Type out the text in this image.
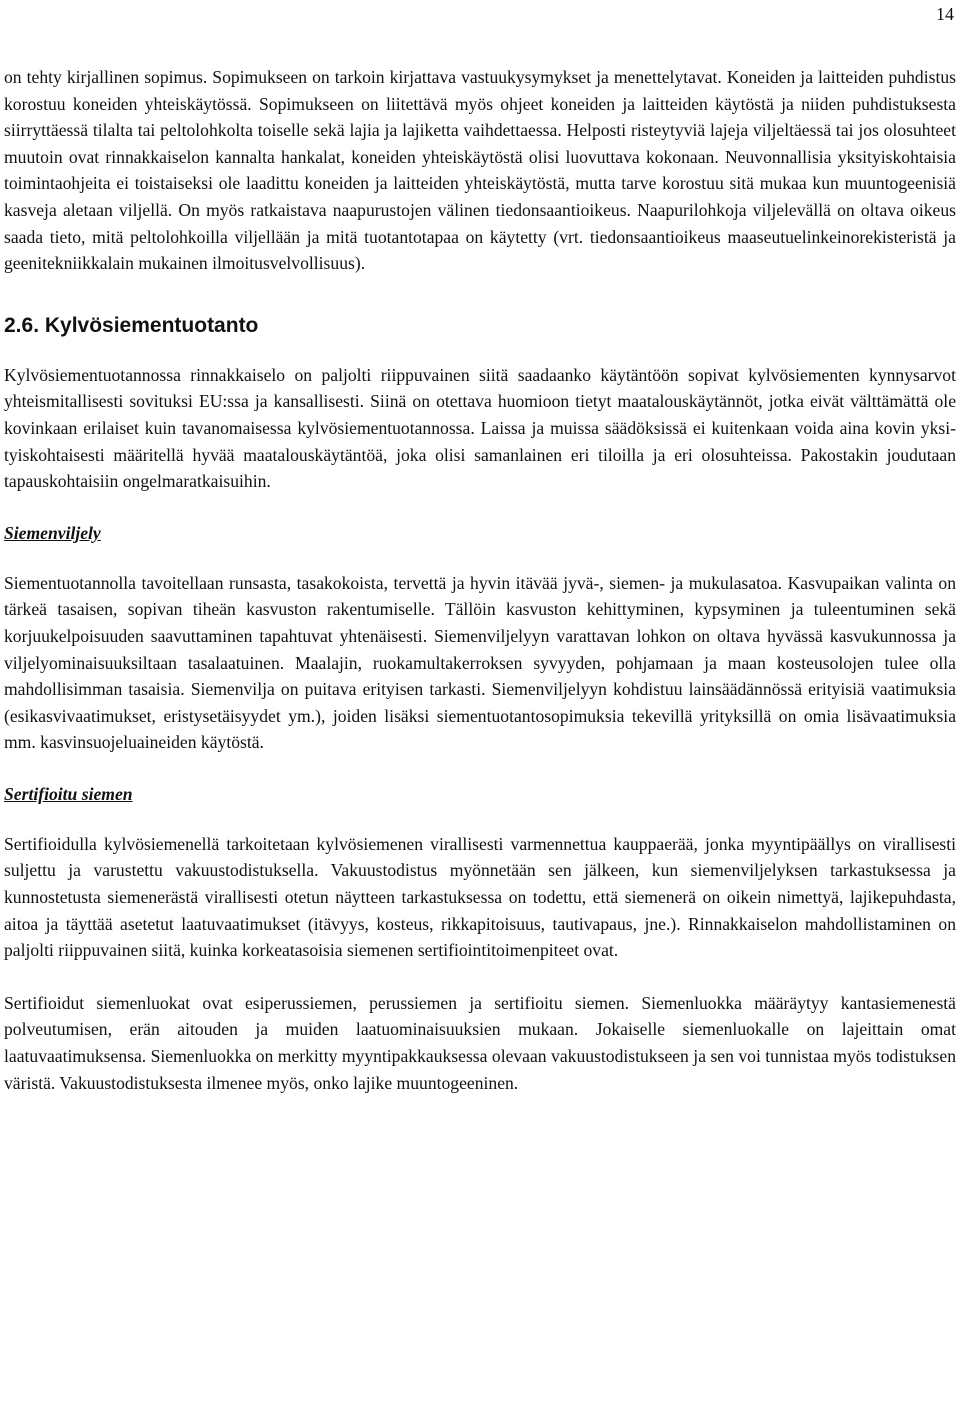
14

on tehty kirjallinen sopimus. Sopimukseen on tarkoin kirjattava vastuukysymykset ja menettelytavat. Koneiden ja laitteiden puhdistus korostuu koneiden yhteiskäytössä. Sopimukseen on liitettävä myös ohjeet koneiden ja laitteiden käytöstä ja niiden puhdistuksesta siirryttäessä tilalta tai peltolohkolta toiselle sekä lajia ja lajiketta vaihdettaessa. Helposti risteytyviä lajeja viljeltäessä tai jos olosuhteet muutoin ovat rinnakkaiselon kannalta hankalat, koneiden yhteiskäytöstä olisi luovuttava kokonaan. Neuvonnallisia yksityiskohtaisia toimintaohjeita ei toistaiseksi ole laadittu koneiden ja laitteiden yhteiskäytöstä, mutta tarve korostuu sitä mukaa kun muuntogeenisiä kasveja aletaan viljellä. On myös ratkaistava naapurustojen välinen tiedonsaantioikeus. Naapurilohkoja viljelevällä on oltava oikeus saada tieto, mitä peltolohkoilla viljellään ja mitä tuotantotapaa on käytetty (vrt. tiedonsaantioikeus maaseutuelinkeinorekisteristä ja geenitekniikkalain mukainen ilmoitusvelvollisuus).

2.6. Kylvösiementuotanto

Kylvösiementuotannossa rinnakkaiselo on paljolti riippuvainen siitä saadaanko käytäntöön sopivat kylvösiementen kynnysarvot yhteismitallisesti sovituksi EU:ssa ja kansallisesti. Siinä on otettava huomioon tietyt maatalouskäytännöt, jotka eivät välttämättä ole kovinkaan erilaiset kuin tavanomaisessa kylvösiementuotannossa. Laissa ja muissa säädöksissä ei kuitenkaan voida aina kovin yksityiskohtaisesti määritellä hyvää maatalouskäytäntöä, joka olisi samanlainen eri tiloilla ja eri olosuhteissa. Pakostakin joudutaan tapauskohtaisiin ongelmaratkaisuihin.

Siemenviljely

Siementuotannolla tavoitellaan runsasta, tasakokoista, tervettä ja hyvin itävää jyvä-, siemen- ja mukulasatoa. Kasvupaikan valinta on tärkeä tasaisen, sopivan tiheän kasvuston rakentumiselle. Tällöin kasvuston kehittyminen, kypsyminen ja tuleentuminen sekä korjuukelpoisuuden saavuttaminen tapahtuvat yhtenäisesti. Siemenviljelyyn varattavan lohkon on oltava hyvässä kasvukunnossa ja viljelyominaisuuksiltaan tasalaatuinen. Maalajin, ruokamultakerroksen syvyyden, pohjamaan ja maan kosteusolojen tulee olla mahdollisimman tasaisia. Siemenvilja on puitava erityisen tarkasti. Siemenviljelyyn kohdistuu lainsäädännössä erityisiä vaatimuksia (esikasvivaatimukset, eristysetäisyydet ym.), joiden lisäksi siementuotantosopimuksia tekevillä yrityksillä on omia lisävaatimuksia mm. kasvinsuojeluaineiden käytöstä.

Sertifioitu siemen

Sertifioidulla kylvösiemenellä tarkoitetaan kylvösiemenen virallisesti varmennettua kauppaerää, jonka myyntipäällys on virallisesti suljettu ja varustettu vakuustodistuksella. Vakuustodistus myönnetään sen jälkeen, kun siemenviljelyksen tarkastuksessa ja kunnostetusta siemenerästä virallisesti otetun näytteen tarkastuksessa on todettu, että siemenerä on oikein nimettyä, lajikepuhdasta, aitoa ja täyttää asetetut laatuvaatimukset (itävyys, kosteus, rikkapitoisuus, tautivapaus, jne.). Rinnakkaiselon mahdollistaminen on paljolti riippuvainen siitä, kuinka korkeatasoisia siemenen sertifiointitoimenpiteet ovat.

Sertifioidut siemenluokat ovat esiperussiemen, perussiemen ja sertifioitu siemen. Siemenluokka määräytyy kantasiemenestä polveutumisen, erän aitouden ja muiden laatuominaisuuksien mukaan. Jokaiselle siemenluokalle on lajeittain omat laatuvaatimuksensa. Siemenluokka on merkitty myyntipakkauksessa olevaan vakuustodistukseen ja sen voi tunnistaa myös todistuksen väristä. Vakuustodistuksesta ilmenee myös, onko lajike muuntogeeninen.
